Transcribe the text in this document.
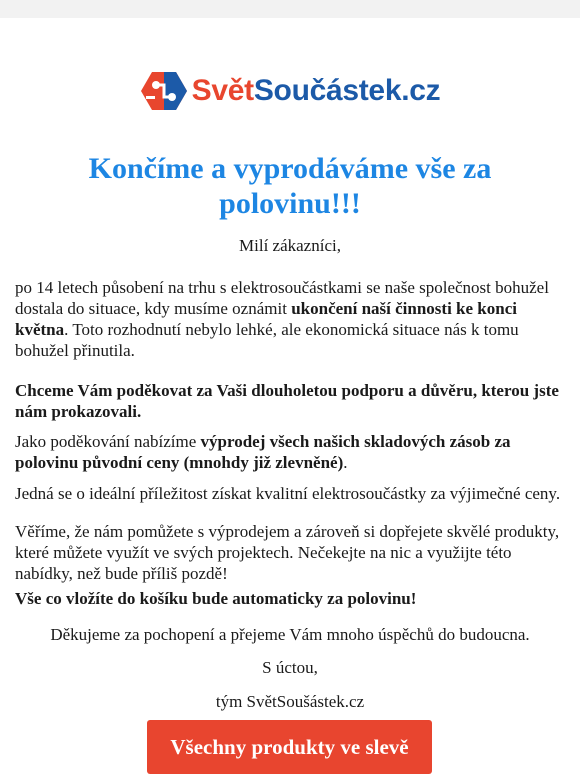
SvětSoučástek.cz
Končíme a vyprodáváme vše za polovinu!!!

Milí zákazníci,

po 14 letech působení na trhu s elektrosoučástkami se naše společnost bohužel dostala do situace, kdy musíme oznámit ukončení naší činnosti ke konci května. Toto rozhodnutí nebylo lehké, ale ekonomická situace nás k tomu bohužel přinutila.

Chceme Vám poděkovat za Vaši dlouholetou podporu a důvěru, kterou jste nám prokazovali.

Jako poděkování nabízíme výprodej všech našich skladových zásob za polovinu původní ceny (mnohdy již zlevněné).

Jedná se o ideální příležitost získat kvalitní elektrosoučástky za výjimečné ceny.

Věříme, že nám pomůžete s výprodejem a zároveň si dopřejete skvělé produkty, které můžete využít ve svých projektech. Nečekejte na nic a využijte této nabídky, než bude příliš pozdě!

Vše co vložíte do košíku bude automaticky za polovinu!

Děkujeme za pochopení a přejeme Vám mnoho úspěchů do budoucna.

S úctou,

tým SvětSoušástek.cz

Všechny produkty ve slevě
